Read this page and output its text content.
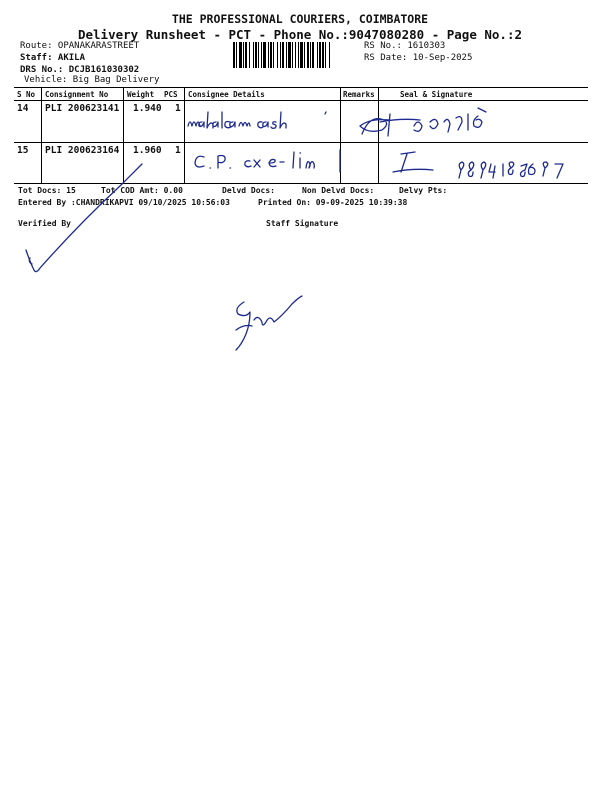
THE PROFESSIONAL COURIERS, COIMBATORE
Delivery Runsheet - PCT - Phone No.:9047080280 - Page No.:2
Route: OPANAKARASTREET
Staff: AKILA
DRS No.: DCJB161030302
Vehicle: Big Bag Delivery
RS No.: 1610303
RS Date: 10-Sep-2025
S No Consignment No	Weight PCS Consignee Details	Remarks	Seal & Signature
14 PLI 200623141 1.940 1
15 PLI 200623164 1.960 1
Tot Docs: 15	Tot COD Amt: 0.00	Delvd Docs:	Non Delvd Docs:	Delvy Pts:
Entered By :CHANDRIKAPVI 09/10/2025 10:56:03	Printed On: 09-09-2025 10:39:38
Verified By	Staff Signature
